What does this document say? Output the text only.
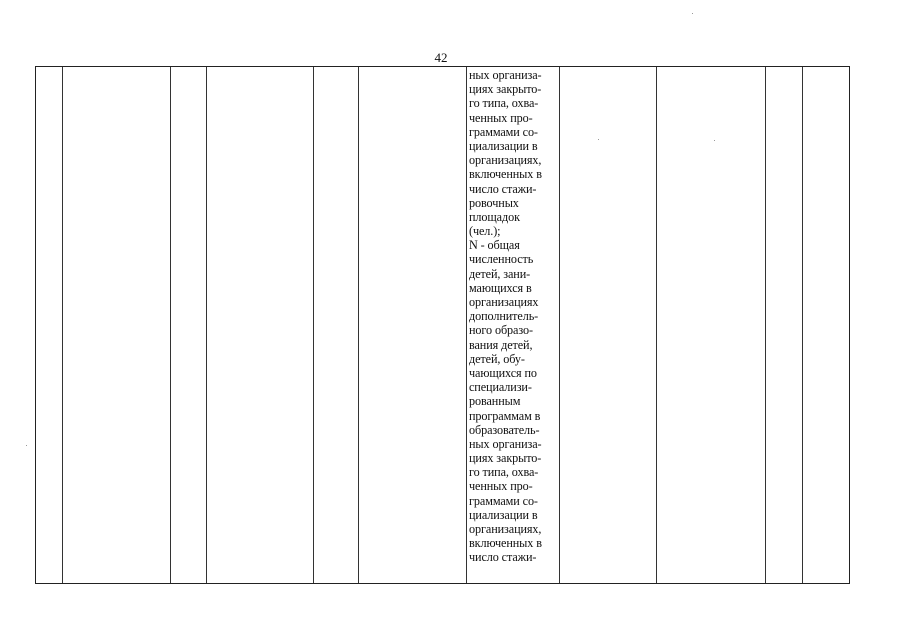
42
ных организа-
циях закрыто-
го типа, охва-
ченных про-
граммами со-
циализации в
организациях,
включенных в
число стажи-
ровочных
площадок
(чел.);
N - общая
численность
детей, зани-
мающихся в
организациях
дополнитель-
ного образо-
вания детей,
детей, обу-
чающихся по
специализи-
рованным
программам в
образователь-
ных организа-
циях закрыто-
го типа, охва-
ченных про-
граммами со-
циализации в
организациях,
включенных в
число стажи-
